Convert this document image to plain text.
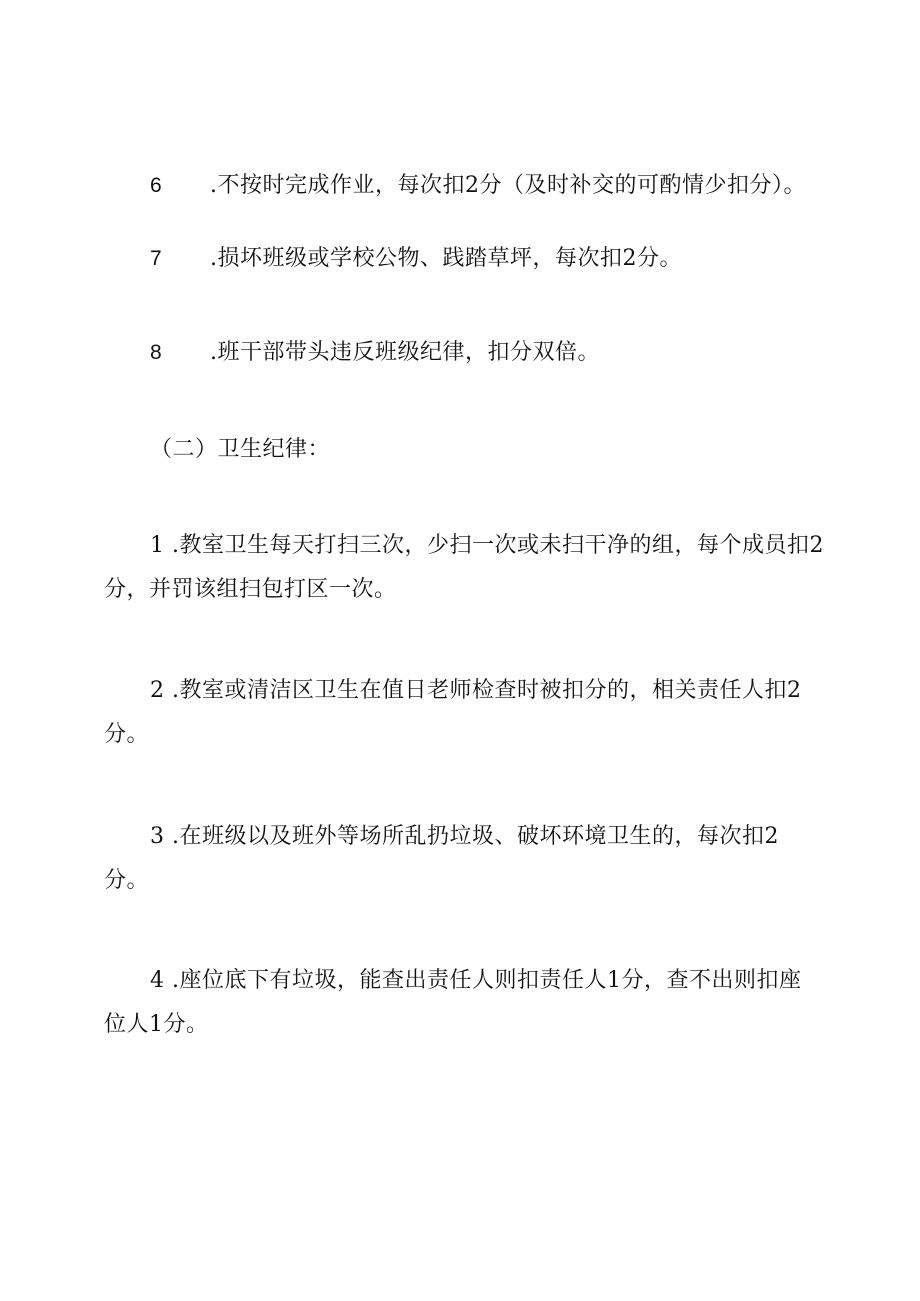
6 .不按时完成作业，每次扣2分（及时补交的可酌情少扣分）。
7 .损坏班级或学校公物、践踏草坪，每次扣2分。
8 .班干部带头违反班级纪律，扣分双倍。
（二）卫生纪律：
1 .教室卫生每天打扫三次，少扫一次或未扫干净的组，每个成员扣2
分，并罚该组扫包打区一次。
2 .教室或清洁区卫生在值日老师检查时被扣分的，相关责任人扣2
分。
3 .在班级以及班外等场所乱扔垃圾、破坏环境卫生的，每次扣2
分。
4 .座位底下有垃圾，能查出责任人则扣责任人1分，查不出则扣座
位人1分。
